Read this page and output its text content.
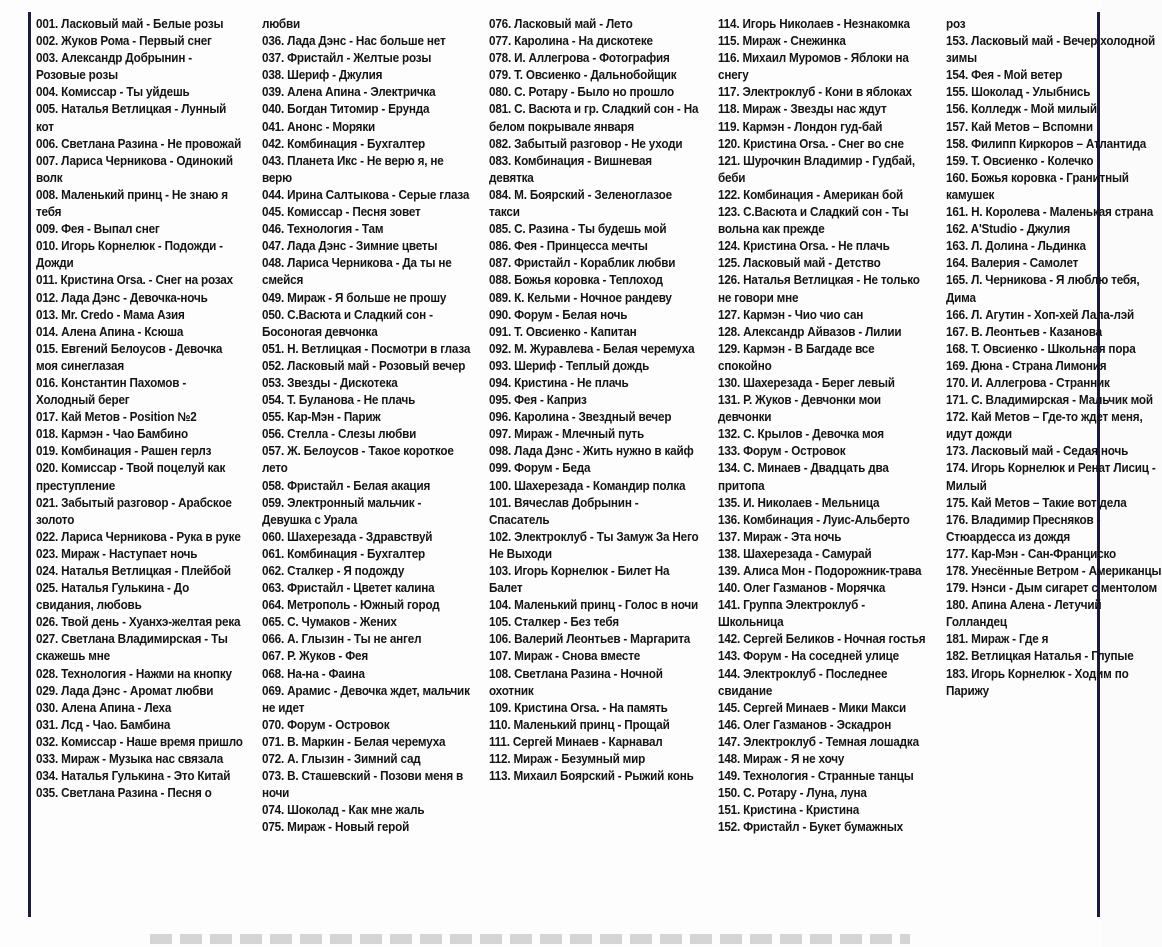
001. Ласковый май - Белые розы
002. Жуков Рома - Первый снег
003. Александр Добрынин - Розовые розы
004. Комиссар - Ты уйдешь
005. Наталья Ветлицкая - Лунный кот
006. Светлана Разина - Не провожай
007. Лариса Черникова - Одинокий волк
008. Маленький принц - Не знаю я тебя
009. Фея - Выпал снег
010. Игорь Корнелюк - Подожди - Дожди
011. Кристина Orsa. - Снег на розах
012. Лада Дэнс - Девочка-ночь
013. Mr. Credo - Мама Азия
014. Алена Апина - Ксюша
015. Евгений Белоусов - Девочка моя синеглазая
016. Константин Пахомов - Холодный берег
017. Кай Метов - Position №2
018. Кармэн - Чао Бамбино
019. Комбинация - Рашен герлз
020. Комиссар - Твой поцелуй как преступление
021. Забытый разговор - Арабское золото
022. Лариса Черникова - Рука в руке
023. Мираж - Наступает ночь
024. Наталья Ветлицкая - Плейбой
025. Наталья Гулькина - До свидания, любовь
026. Твой день - Хуанхэ-желтая река
027. Светлана Владимирская - Ты скажешь мне
028. Технология - Нажми на кнопку
029. Лада Дэнс - Аромат любви
030. Алена Апина - Леха
031. Лсд - Чао. Бамбина
032. Комиссар - Наше время пришло
033. Мираж - Музыка нас связала
034. Наталья Гулькина - Это Китай
035. Светлана Разина - Песня о
любви
036. Лада Дэнс - Нас больше нет
037. Фристайл - Желтые розы
038. Шериф - Джулия
039. Алена Апина - Электричка
040. Богдан Титомир - Ерунда
041. Анонс - Моряки
042. Комбинация - Бухгалтер
043. Планета Икс - Не верю я, не верю
044. Ирина Салтыкова - Серые глаза
045. Комиссар - Песня зовет
046. Технология - Там
047. Лада Дэнс - Зимние цветы
048. Лариса Черникова - Да ты не смейся
049. Мираж - Я больше не прошу
050. С.Васюта и Сладкий сон - Босоногая девчонка
051. Н. Ветлицкая - Посмотри в глаза
052. Ласковый май - Розовый вечер
053. Звезды - Дискотека
054. Т. Буланова - Не плачь
055. Кар-Мэн - Париж
056. Стелла - Слезы любви
057. Ж. Белоусов - Такое короткое лето
058. Фристайл - Белая акация
059. Электронный мальчик - Девушка с Урала
060. Шахерезада - Здравствуй
061. Комбинация - Бухгалтер
062. Сталкер - Я подожду
063. Фристайл - Цветет калина
064. Метрополь - Южный город
065. С. Чумаков - Жених
066. А. Глызин - Ты не ангел
067. Р. Жуков - Фея
068. На-на - Фаина
069. Арамис - Девочка ждет, мальчик не идет
070. Форум - Островок
071. В. Маркин - Белая черемуха
072. А. Глызин - Зимний сад
073. В. Сташевский - Позови меня в ночи
074. Шоколад - Как мне жаль
075. Мираж - Новый герой
076. Ласковый май - Лето
077. Каролина - На дискотеке
078. И. Аллегрова - Фотография
079. Т. Овсиенко - Дальнобойщик
080. С. Ротару - Было но прошло
081. С. Васюта и гр. Сладкий сон - На белом покрывале января
082. Забытый разговор - Не уходи
083. Комбинация - Вишневая девятка
084. М. Боярский - Зеленоглазое такси
085. С. Разина - Ты будешь мой
086. Фея - Принцесса мечты
087. Фристайл - Кораблик любви
088. Божья коровка - Теплоход
089. К. Кельми - Ночное рандеву
090. Форум - Белая ночь
091. Т. Овсиенко - Капитан
092. М. Журавлева - Белая черемуха
093. Шериф - Теплый дождь
094. Кристина - Не плачь
095. Фея - Каприз
096. Каролина - Звездный вечер
097. Мираж - Млечный путь
098. Лада Дэнс - Жить нужно в кайф
099. Форум - Беда
100. Шахерезада - Командир полка
101. Вячеслав Добрынин - Спасатель
102. Электроклуб - Ты Замуж За Него Не Выходи
103. Игорь Корнелюк - Билет На Балет
104. Маленький принц - Голос в ночи
105. Сталкер - Без тебя
106. Валерий Леонтьев - Маргарита
107. Мираж - Снова вместе
108. Светлана Разина - Ночной охотник
109. Кристина Orsa. - На память
110. Маленький принц - Прощай
111. Сергей Минаев - Карнавал
112. Мираж - Безумный мир
113. Михаил Боярский - Рыжий конь
114. Игорь Николаев - Незнакомка
115. Мираж - Снежинка
116. Михаил Муромов - Яблоки на снегу
117. Электроклуб - Кони в яблоках
118. Мираж - Звезды нас ждут
119. Кармэн - Лондон гуд-бай
120. Кристина Orsa. - Снег во сне
121. Шурочкин Владимир - Гудбай, беби
122. Комбинация - Американ бой
123. С.Васюта и Сладкий сон - Ты вольна как прежде
124. Кристина Orsa. - Не плачь
125. Ласковый май - Детство
126. Наталья Ветлицкая - Не только не говори мне
127. Кармэн - Чио чио сан
128. Александр Айвазов - Лилии
129. Кармэн - В Багдаде все спокойно
130. Шахерезада - Берег левый
131. Р. Жуков - Девчонки мои девчонки
132. С. Крылов - Девочка моя
133. Форум - Островок
134. С. Минаев - Двадцать два притопа
135. И. Николаев - Мельница
136. Комбинация - Луис-Альберто
137. Мираж - Эта ночь
138. Шахерезада - Самурай
139. Алиса Мон - Подорожник-трава
140. Олег Газманов - Морячка
141. Группа Электроклуб - Школьница
142. Сергей Беликов - Ночная гостья
143. Форум - На соседней улице
144. Электроклуб - Последнее свидание
145. Сергей Минаев - Мики Макси
146. Олег Газманов - Эскадрон
147. Электроклуб - Темная лошадка
148. Мираж - Я не хочу
149. Технология - Странные танцы
150. С. Ротару - Луна, луна
151. Кристина - Кристина
152. Фристайл - Букет бумажных
роз
153. Ласковый май - Вечер холодной зимы
154. Фея - Мой ветер
155. Шоколад - Улыбнись
156. Колледж - Мой милый
157. Кай Метов – Вспомни
158. Филипп Киркоров – Атлантида
159. Т. Овсиенко - Колечко
160. Божья коровка - Гранитный камушек
161. Н. Королева - Маленькая страна
162. A'Studio - Джулия
163. Л. Долина - Льдинка
164. Валерия - Самолет
165. Л. Черникова - Я люблю тебя, Дима
166. Л. Агутин - Хоп-хей Лала-лэй
167. В. Леонтьев - Казанова
168. Т. Овсиенко - Школьная пора
169. Дюна - Страна Лимония
170. И. Аллегрова - Странник
171. С. Владимирская - Мальчик мой
172. Кай Метов – Где-то ждет меня, идут дожди
173. Ласковый май - Седая ночь
174. Игорь Корнелюк и Ренат Лисиц - Милый
175. Кай Метов – Такие вот дела
176. Владимир Пресняков - Стюардесса из дождя
177. Кар-Мэн - Сан-Франциско
178. Унесённые Ветром - Американцы
179. Нэнси - Дым сигарет с ментолом
180. Апина Алена - Летучий Голландец
181. Мираж - Где я
182. Ветлицкая Наталья - Глупые
183. Игорь Корнелюк - Ходим по Парижу
